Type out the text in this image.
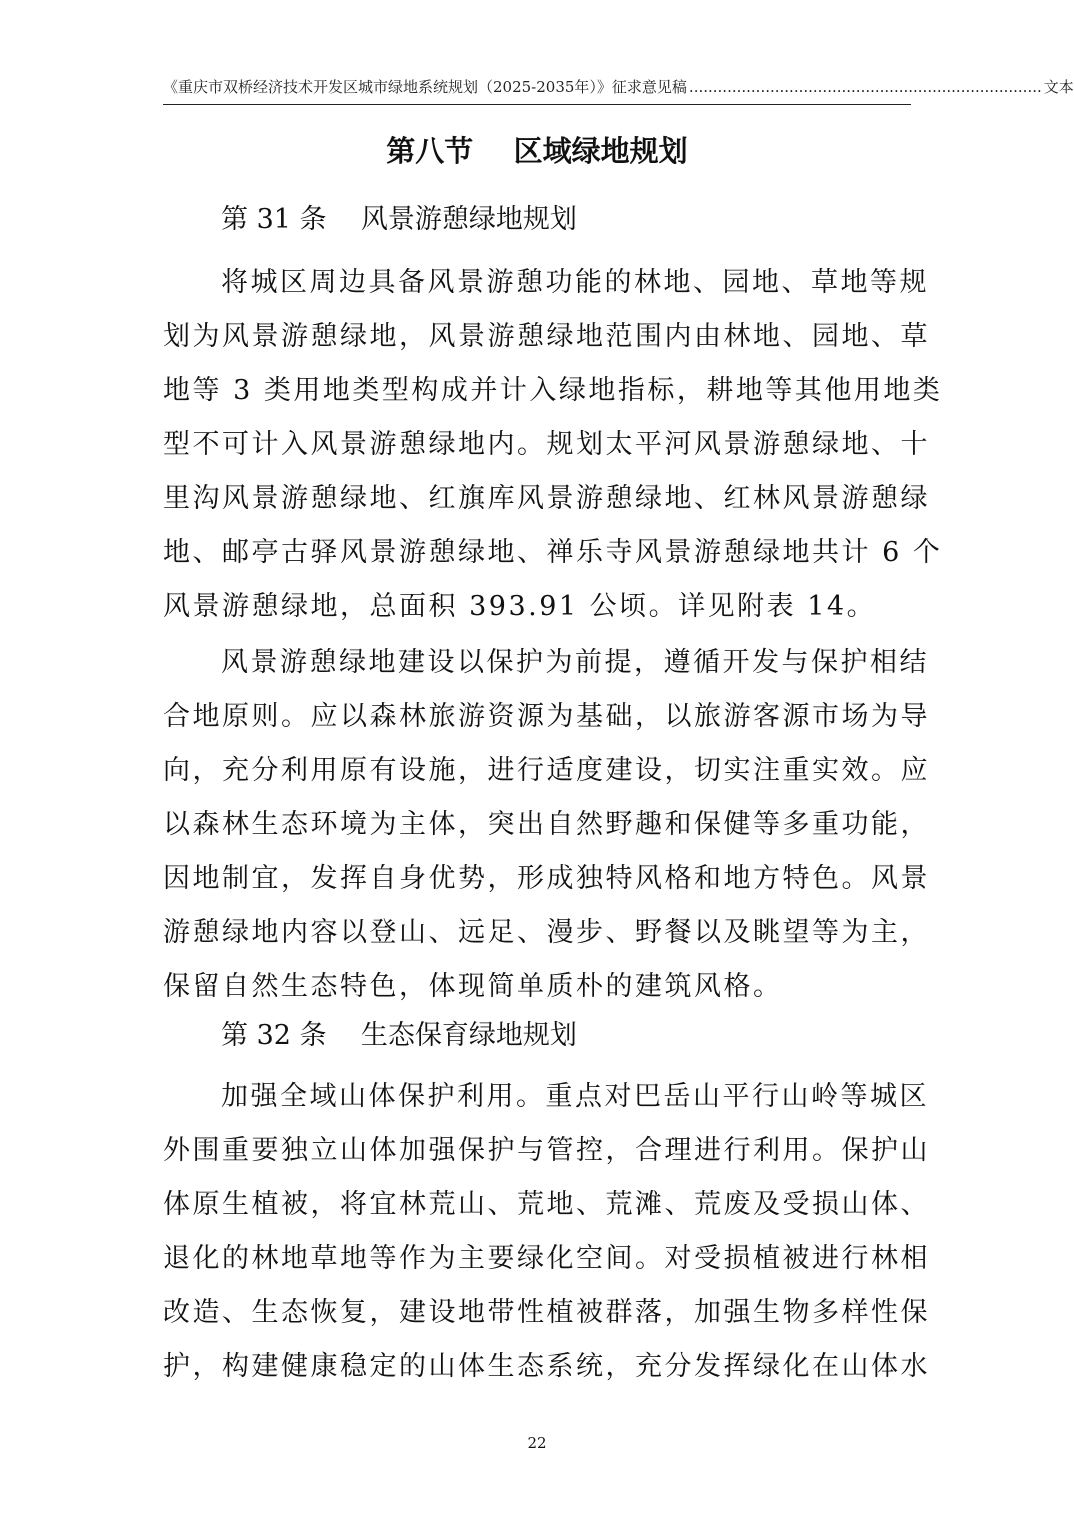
《重庆市双桥经济技术开发区城市绿地系统规划（2025-2035年）》征求意见稿 .......................................................................... 文本
第八节    区域绿地规划
第 31 条    风景游憩绿地规划
将城区周边具备风景游憩功能的林地、园地、草地等规
划为风景游憩绿地，风景游憩绿地范围内由林地、园地、草
地等 3 类用地类型构成并计入绿地指标，耕地等其他用地类
型不可计入风景游憩绿地内。规划太平河风景游憩绿地、十
里沟风景游憩绿地、红旗库风景游憩绿地、红林风景游憩绿
地、邮亭古驿风景游憩绿地、禅乐寺风景游憩绿地共计 6 个
风景游憩绿地，总面积 393.91 公顷。详见附表 14。
风景游憩绿地建设以保护为前提，遵循开发与保护相结
合地原则。应以森林旅游资源为基础，以旅游客源市场为导
向，充分利用原有设施，进行适度建设，切实注重实效。应
以森林生态环境为主体，突出自然野趣和保健等多重功能，
因地制宜，发挥自身优势，形成独特风格和地方特色。风景
游憩绿地内容以登山、远足、漫步、野餐以及眺望等为主，
保留自然生态特色，体现简单质朴的建筑风格。
第 32 条    生态保育绿地规划
加强全域山体保护利用。重点对巴岳山平行山岭等城区
外围重要独立山体加强保护与管控，合理进行利用。保护山
体原生植被，将宜林荒山、荒地、荒滩、荒废及受损山体、
退化的林地草地等作为主要绿化空间。对受损植被进行林相
改造、生态恢复，建设地带性植被群落，加强生物多样性保
护，构建健康稳定的山体生态系统，充分发挥绿化在山体水
22
